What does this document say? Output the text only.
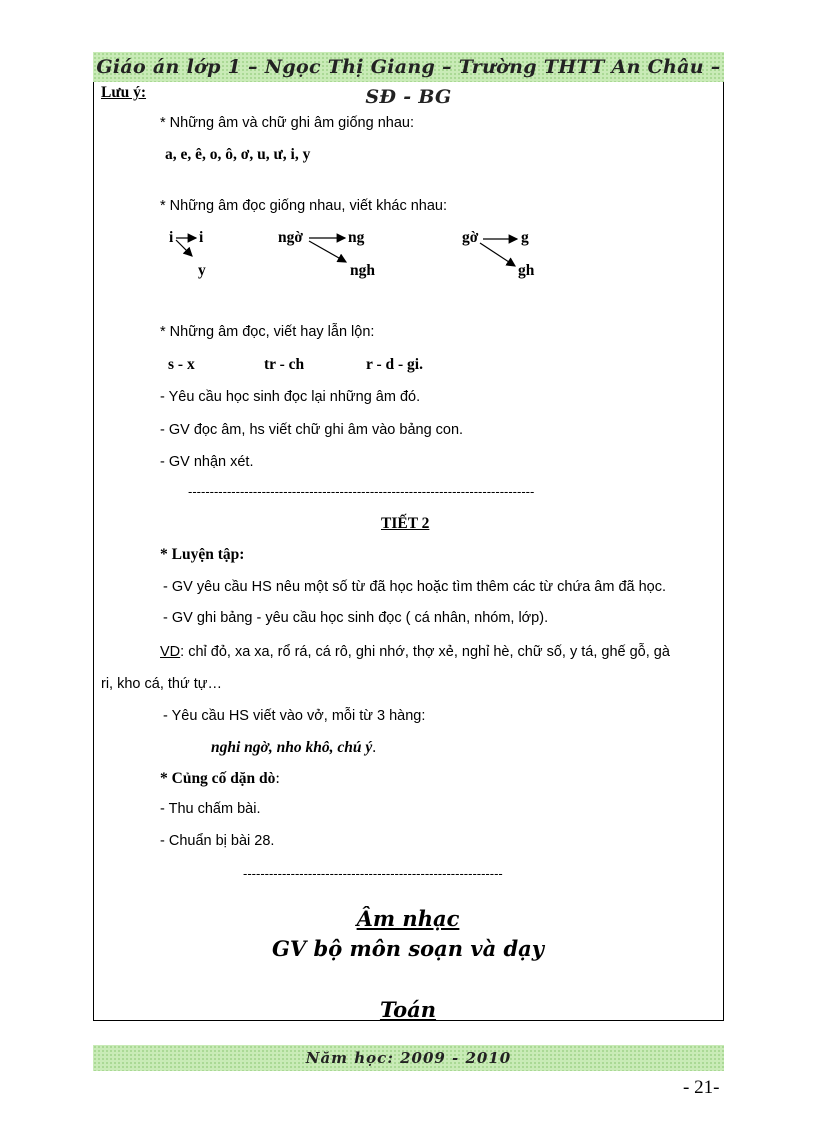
Giáo án lớp 1 – Ngọc Thị Giang – Trường THTT An Châu – SĐ - BG
Lưu ý:
* Những âm và chữ ghi âm giống nhau:
a, e, ê, o, ô, ơ, u, ư, i, y
* Những âm đọc giống nhau, viết khác nhau:
i i
y
ngờ	ng
ngh
gờ	g
gh
* Những âm đọc, viết hay lẫn lộn:
s - x	tr - ch	r - d - gi.
- Yêu cầu học sinh đọc lại những âm đó.
- GV đọc âm, hs viết chữ ghi âm vào bảng con.
- GV nhận xét.
--------------------------------------------------------------------------------
TIẾT 2
* Luyện tập:
- GV yêu cầu HS nêu một số từ đã học hoặc tìm thêm các từ chứa âm đã học.
- GV ghi bảng - yêu cầu học sinh đọc ( cá nhân, nhóm, lớp).
VD: chỉ đỏ, xa xa, rổ rá, cá rô, ghi nhớ, thợ xẻ, nghỉ hè, chữ số, y tá, ghế gỗ, gà
ri, kho cá, thứ tự…
- Yêu cầu HS viết vào vở, mỗi từ 3 hàng:
nghi ngờ, nho khô, chú ý.
* Củng cố dặn dò:
- Thu chấm bài.
- Chuẩn bị bài 28.
------------------------------------------------------------
Âm nhạc
GV bộ môn soạn và dạy
Toán
Năm học: 2009 - 2010
- 21-
